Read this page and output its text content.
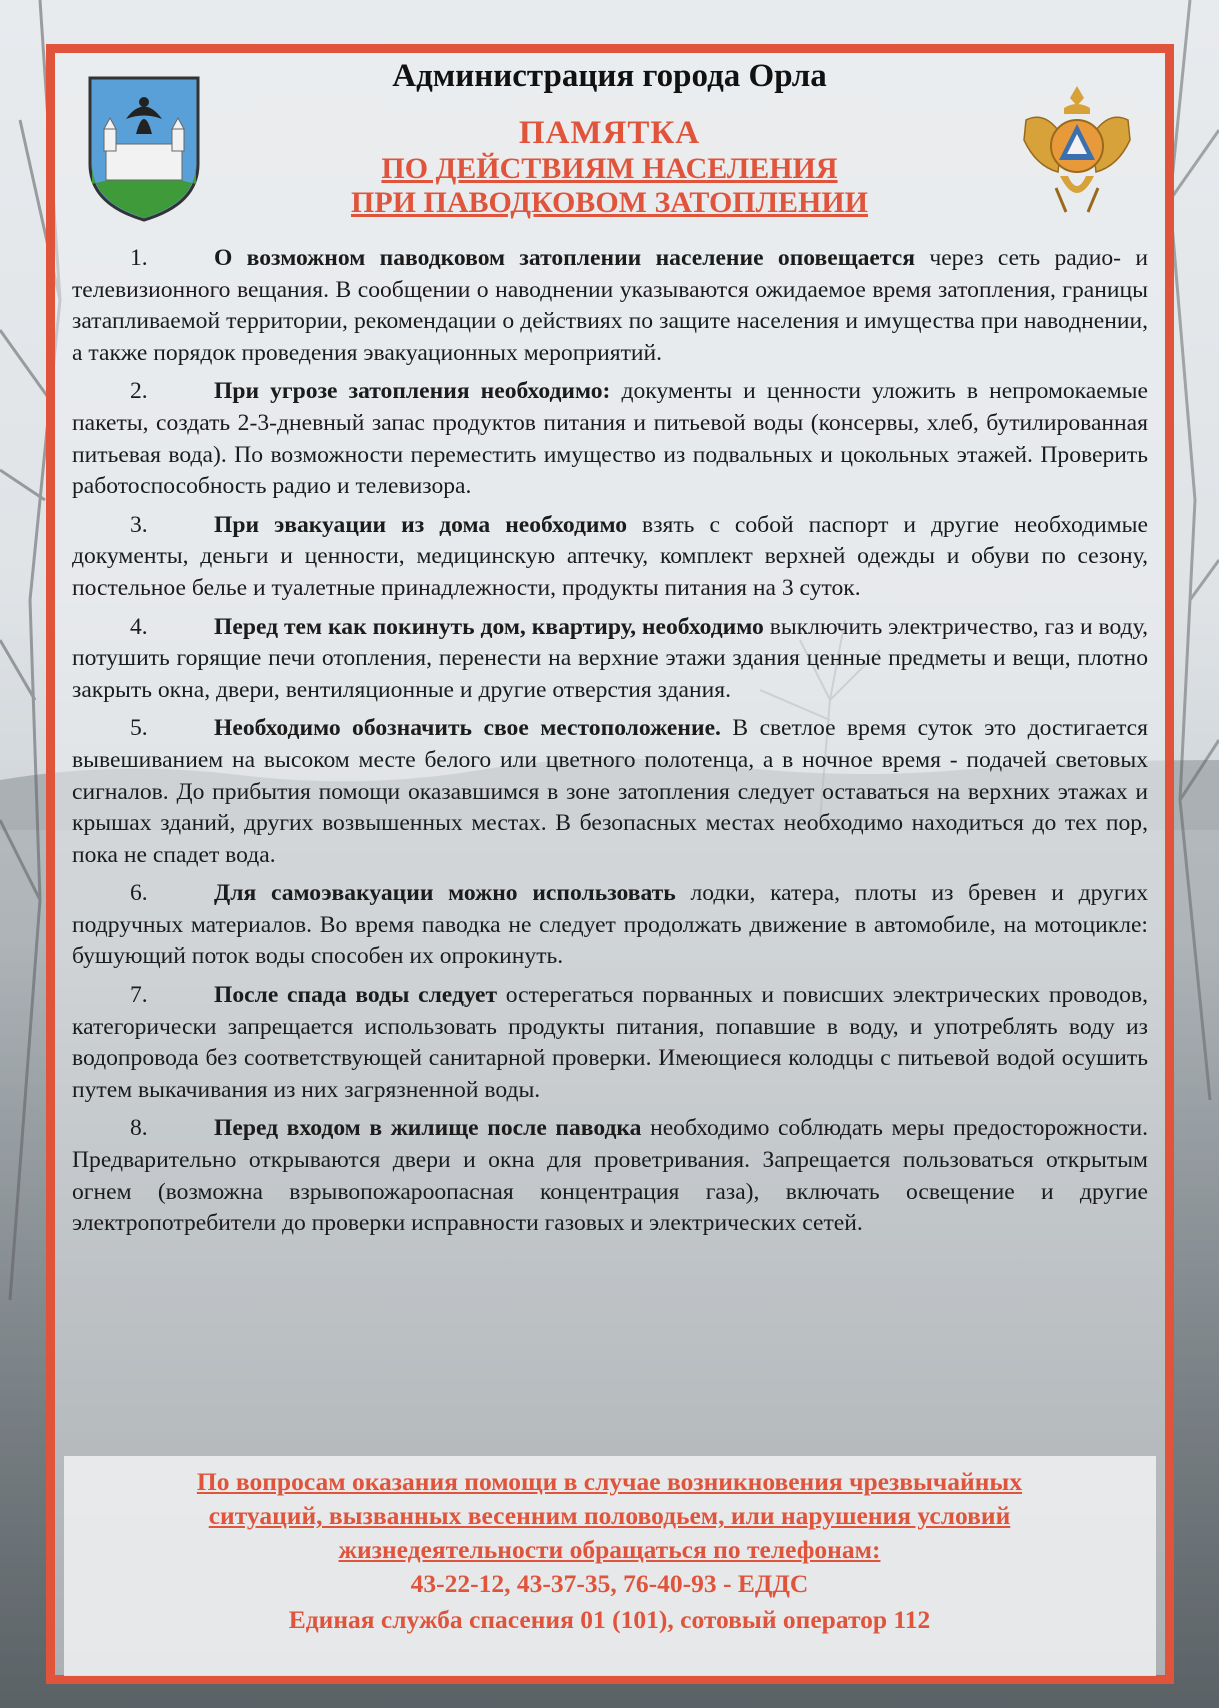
Администрация города Орла
ПАМЯТКА
ПО ДЕЙСТВИЯМ НАСЕЛЕНИЯ
ПРИ ПАВОДКОВОМ ЗАТОПЛЕНИИ

1.	О возможном паводковом затоплении население оповещается через сеть радио- и телевизионного вещания. В сообщении о наводнении указываются ожидаемое время затопления, границы затапливаемой территории, рекомендации о действиях по защите населения и имущества при наводнении, а также порядок проведения эвакуационных мероприятий.

2.	При угрозе затопления необходимо: документы и ценности уложить в непромокаемые пакеты, создать 2-3-дневный запас продуктов питания и питьевой воды (консервы, хлеб, бутилированная питьевая вода). По возможности переместить имущество из подвальных и цокольных этажей. Проверить работоспособность радио и телевизора.

3.	При эвакуации из дома необходимо взять с собой паспорт и другие необходимые документы, деньги и ценности, медицинскую аптечку, комплект верхней одежды и обуви по сезону, постельное белье и туалетные принадлежности, продукты питания на 3 суток.

4.	Перед тем как покинуть дом, квартиру, необходимо выключить электричество, газ и воду, потушить горящие печи отопления, перенести на верхние этажи здания ценные предметы и вещи, плотно закрыть окна, двери, вентиляционные и другие отверстия здания.

5.	Необходимо обозначить свое местоположение. В светлое время суток это достигается вывешиванием на высоком месте белого или цветного полотенца, а в ночное время - подачей световых сигналов. До прибытия помощи оказавшимся в зоне затопления следует оставаться на верхних этажах и крышах зданий, других возвышенных местах. В безопасных местах необходимо находиться до тех пор, пока не спадет вода.

6.	Для самоэвакуации можно использовать лодки, катера, плоты из бревен и других подручных материалов. Во время паводка не следует продолжать движение в автомобиле, на мотоцикле: бушующий поток воды способен их опрокинуть.

7.	После спада воды следует остерегаться порванных и повисших электрических проводов, категорически запрещается использовать продукты питания, попавшие в воду, и употреблять воду из водопровода без соответствующей санитарной проверки. Имеющиеся колодцы с питьевой водой осушить путем выкачивания из них загрязненной воды.

8.	Перед входом в жилище после паводка необходимо соблюдать меры предосторожности. Предварительно открываются двери и окна для проветривания. Запрещается пользоваться открытым огнем (возможна взрывопожароопасная концентрация газа), включать освещение и другие электропотребители до проверки исправности газовых и электрических сетей.

По вопросам оказания помощи в случае возникновения чрезвычайных
ситуаций, вызванных весенним половодьем, или нарушения условий
жизнедеятельности обращаться по телефонам:
43-22-12, 43-37-35, 76-40-93 - ЕДДС
Единая служба спасения 01 (101), сотовый оператор 112
